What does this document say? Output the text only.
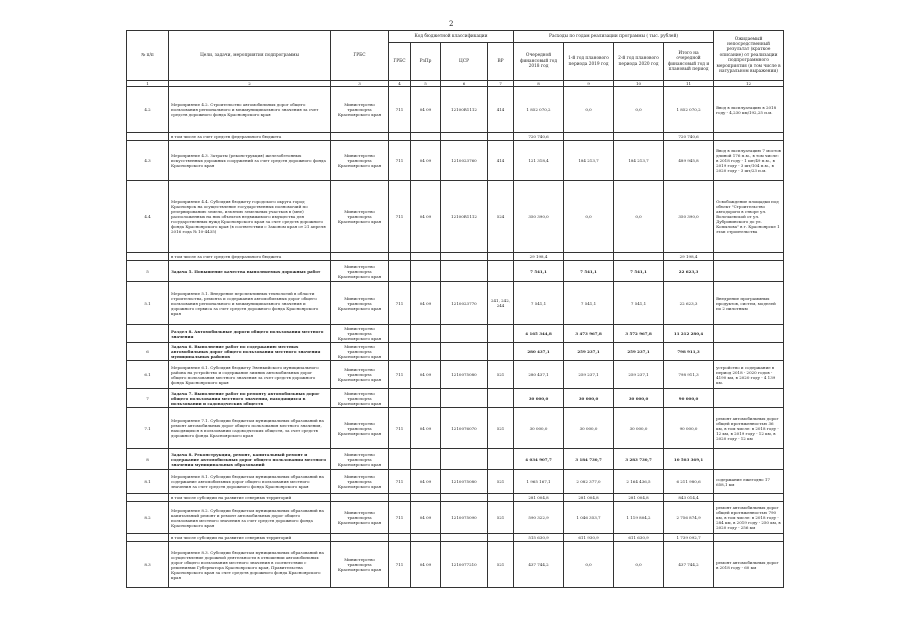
2
№ п/п	Цели, задачи, мероприятия подпрограммы	ГРБС	Код бюджетной классификации				Расходы по годам реализации программы ( тыс. рублей)				Ожидаемый непосредственный результат (краткое описание) от реализации подпрограммного мероприятия (в том числе в натуральном выражении)
			ГРБС	РзПр	ЦСР	ВР	Очередной финансовый год 2018 год	1-й год планового периода 2019 год	2-й год планового периода 2020 год	Итого на очередной финансовый год и плановый период	
1	2	3	4	5	6	7	8	9	10	11	12
4.2	Мероприятие 4.2. Строительство автомобильных дорог общего пользования регионального и межмуниципального значения за счет средств дорожного фонда Красноярского края	Министерство транспорта Красноярского края	711	04 09	12100R1112	414	1 852 070,2	0,0	0,0	1 852 070,2	Ввод в эксплуатацию в 2018 году - 4,230 км/192,25 п.м.
	в том числе за счет средств федерального бюджета						720 740,6			720 740,6	
4.3	Мероприятие 4.3. Затраты (реконструкция) железобетонных искусственных дорожных сооружений за счет средств дорожного фонда Красноярского края	Министерство транспорта Красноярского края	711	04 09	1210023760	414	121 318,4	184 213,7	184 213,7	489 945,8	Ввод в эксплуатацию 7 мостов длиной 176 п.м., в том числе: в 2018 году - 1 шт/49 п.м., в 2019 году - 3 шт/104 п.м., в 2020 году - 3 шт/23 п.м.
4.4	Мероприятие 4.4. Субсидия бюджету городского округа город Красноярск на осуществление государственных полномочий по резервированию земель, изъятию земельных участков в (мне) расположенных на них объектов недвижимого имущества для государственных нужд Красноярского края за счет средств дорожного фонда Красноярского края (в соответствии с Законом края от 21 апреля 2016 года № 10-4435)	Министерство транспорта Красноярского края	711	04 09	12100R1112	524	350 390,0	0,0	0,0	350 390,0	Освобождение площадки под объект "Строительство автодороги в створе ул. Волочаевской от ул. Дубровинского до ул. Копылова" в г. Красноярске 1 этап строительства
	в том числе за счет средств федерального бюджета						29 198,4			29 198,4	
5	Задача 5. Повышение качества выполняемых дорожных работ	Министерство транспорта Красноярского края					7 541,1	7 541,1	7 541,1	22 623,3	
5.1	Мероприятие 5.1. Внедрение перспективных технологий в области строительства, ремонта и содержания автомобильных дорог общего пользования регионального и межмуниципального значения и дорожного сервиса за счет средств дорожного фонда Красноярского края	Министерство транспорта Красноярского края	711	04 09	1210023770	241, 242, 244	7 541,1	7 541,1	7 541,1	22 623,3	Внедрение программных продуктов, систем, моделей по 2 пилотным
	Раздел 8. Автомобильные дороги общего пользования местного значения	Министерство транспорта Красноярского края					4 165 344,8	3 473 967,8	3 572 967,8	11 212 280,4	
6	Задача 6. Выполнение работ по содержанию местных автомобильных дорог общего пользования местного значения муниципальных районов	Министерство транспорта Красноярского края					280 437,1	259 237,1	259 237,1	798 911,3	
6.1	Мероприятие 6.1. Субсидия бюджету Эвенкийского муниципального района на устройство и содержание зимних автомобильных дорог общего пользования местного значения за счет средств дорожного фонда Красноярского края	Министерство транспорта Красноярского края	711	04 09	1210075080	521	280 437,1	259 237,1	259 237,1	798 911,3	устройство и содержание в период 2018 - 2020 годов - 4190 км, в 2020 году - 4 139 км.
7	Задача 7. Выполнение работ по ремонту автомобильных дорог общего пользования местного значения, находящихся в пользовании и садоводческих обществ	Министерство транспорта Красноярского края					30 000,0	30 000,0	30 000,0	90 000,0	
7.1	Мероприятие 7.1. Субсидии бюджетам муниципальных образований на ремонт автомобильных дорог общего пользования местного значения, находящихся в пользовании садоводческих обществ, за счет средств дорожного фонда Красноярского края	Министерство транспорта Красноярского края	711	04 09	1210076070	521	30 000,0	30 000,0	30 000,0	90 000,0	ремонт автомобильных дорог общей протяженностью 36 км, в том числе: в 2018 году - 12 км, в 2019 году - 12 км, в 2020 году - 12 км
8	Задача 8. Реконструкция, ремонт, капитальный ремонт и содержание автомобильных дорог общего пользования местного значения муниципальных образований	Министерство транспорта Красноярского края					4 034 907,7	3 184 730,7	3 283 730,7	10 503 369,1	
8.1	Мероприятие 8.1. Субсидии бюджетам муниципальных образований на содержание автомобильных дорог общего пользования местного значения за счет средств дорожного фонда Красноярского края	Министерство транспорта Красноярского края	711	04 09	1210075080	521	1 965 167,1	2 082 377,0	2 164 436,5	6 211 980,6	содержание ежегодно 17 658,1 км
	в том числе субсидии на развитие северных территорий						281 004,8	281 004,8	281 004,8	843 014,4	
8.2	Мероприятие 8.2. Субсидии бюджетам муниципальных образований на капитальный ремонт и ремонт автомобильных дорог общего пользования местного значения за счет средств дорожного фонда Красноярского края	Министерство транспорта Красноярского края	711	04 09	1210075090	521	590 322,9	1 046 353,7	1 119 804,2	2 756 874,9	ремонт автомобильных дорог общей протяженностью 790 км, в том числе: в 2018 году - 284 км, в 2019 году - 250 км, в 2020 году - 256 км
	в том числе субсидии на развитие северных территорий						515 630,9	611 930,9	611 630,9	1 739 092,7	
8.3	Мероприятие 8.3. Субсидии бюджетам муниципальных образований на осуществление дорожной деятельности в отношении автомобильных дорог общего пользования местного значения в соответствии с решениями Губернатора Красноярского края, Правительства Красноярского края за счет средств дорожного фонда Красноярского края	Министерство транспорта Красноярского края	711	04 09	1210077210	521	437 744,2	0,0	0,0	437 744,2	ремонт автомобильных дорог в 2018 году - 60 км
